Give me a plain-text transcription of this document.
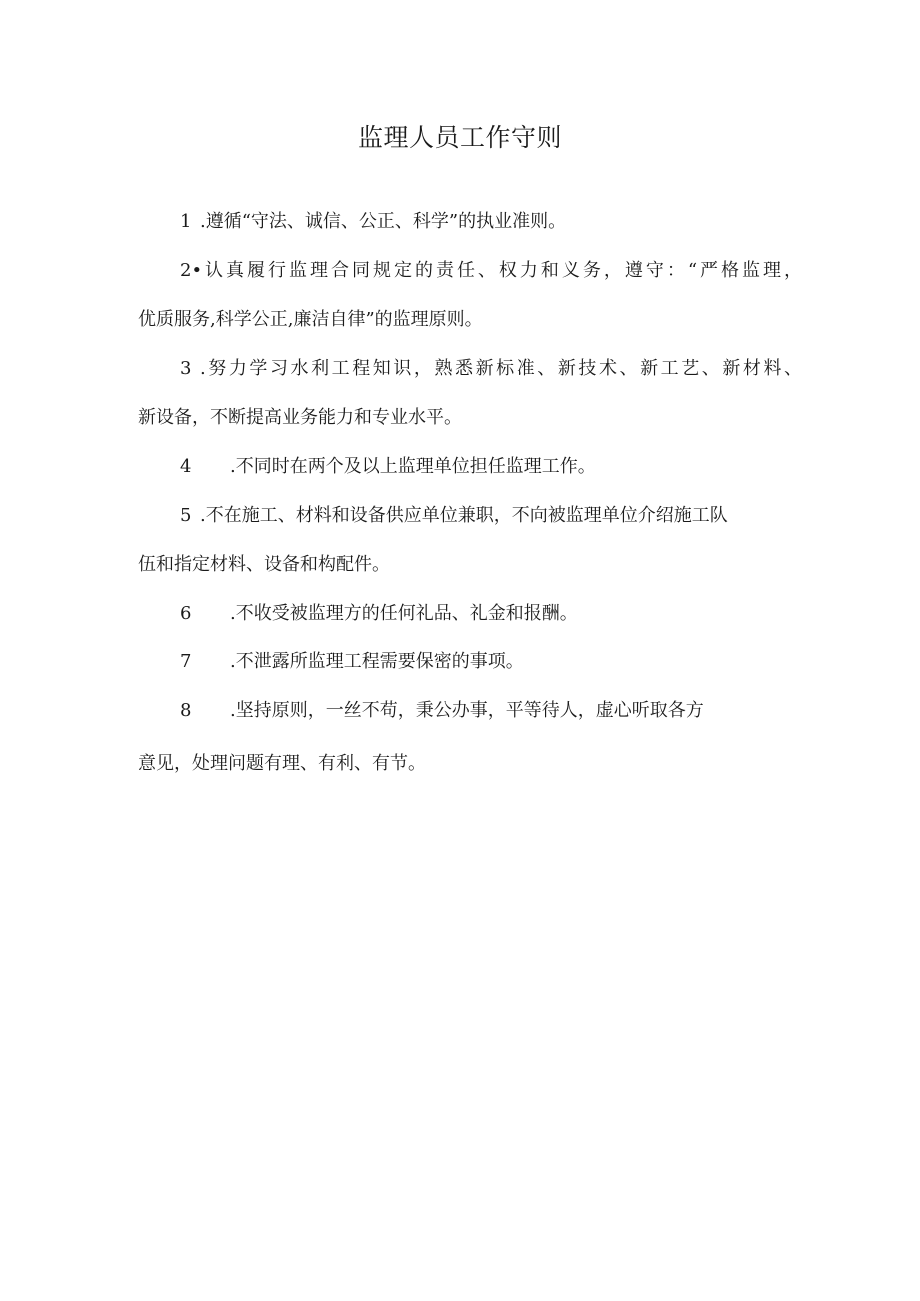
监理人员工作守则
1 .遵循“守法、诚信、公正、科学”的执业准则。
2•认真履行监理合同规定的责任、权力和义务，遵守：“严格监理，
优质服务,科学公正,廉洁自律”的监理原则。
3 .努力学习水利工程知识，熟悉新标准、新技术、新工艺、新材料、
新设备，不断提高业务能力和专业水平。
4 .不同时在两个及以上监理单位担任监理工作。
5 .不在施工、材料和设备供应单位兼职，不向被监理单位介绍施工队
伍和指定材料、设备和构配件。
6 .不收受被监理方的任何礼品、礼金和报酬。
7 .不泄露所监理工程需要保密的事项。
8 .坚持原则，一丝不苟，秉公办事，平等待人，虚心听取各方
意见，处理问题有理、有利、有节。
